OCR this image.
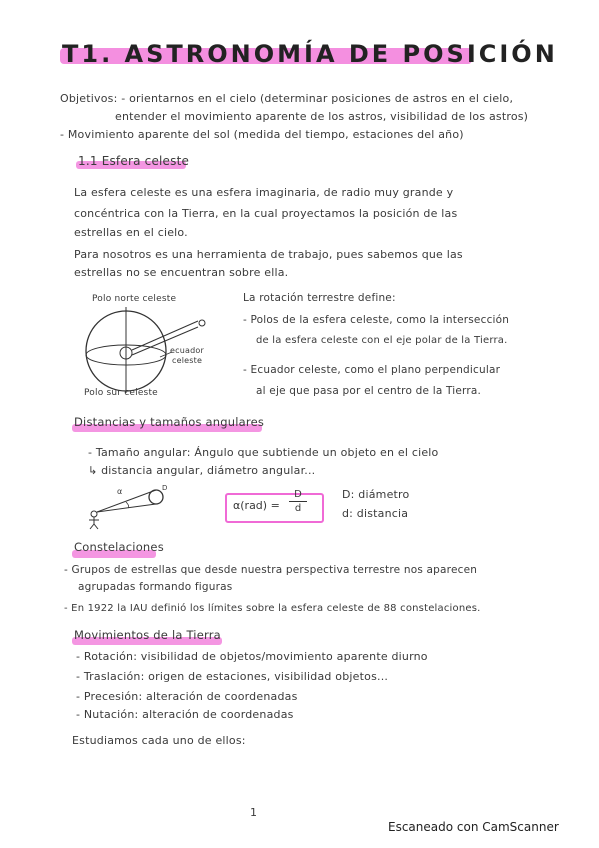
T1. ASTRONOMÍA DE POSICIÓN
Objetivos: - orientarnos en el cielo (determinar posiciones de astros en el cielo,
entender el movimiento aparente de los astros, visibilidad de los astros)
- Movimiento aparente del sol (medida del tiempo, estaciones del año)
1.1 Esfera celeste
La esfera celeste es una esfera imaginaria, de radio muy grande y
concéntrica con la Tierra, en la cual proyectamos la posición de las
estrellas en el cielo.
Para nosotros es una herramienta de trabajo, pues sabemos que las
estrellas no se encuentran sobre ella.
Polo norte celeste
ecuador
celeste
Polo sur celeste
La rotación terrestre define:
- Polos de la esfera celeste, como la intersección
de la esfera celeste con el eje polar de la Tierra.
- Ecuador celeste, como el plano perpendicular
al eje que pasa por el centro de la Tierra.
Distancias y tamaños angulares
- Tamaño angular: Ángulo que subtiende un objeto en el cielo
↳ distancia angular, diámetro angular...
α	D
α(rad) =
D
d
D: diámetro
d: distancia
Constelaciones
- Grupos de estrellas que desde nuestra perspectiva terrestre nos aparecen
agrupadas formando figuras
- En 1922 la IAU definió los límites sobre la esfera celeste de 88 constelaciones.
Movimientos de la Tierra
- Rotación: visibilidad de objetos/movimiento aparente diurno
- Traslación: origen de estaciones, visibilidad objetos...
- Precesión: alteración de coordenadas
- Nutación: alteración de coordenadas
Estudiamos cada uno de ellos:
1
Escaneado con CamScanner
